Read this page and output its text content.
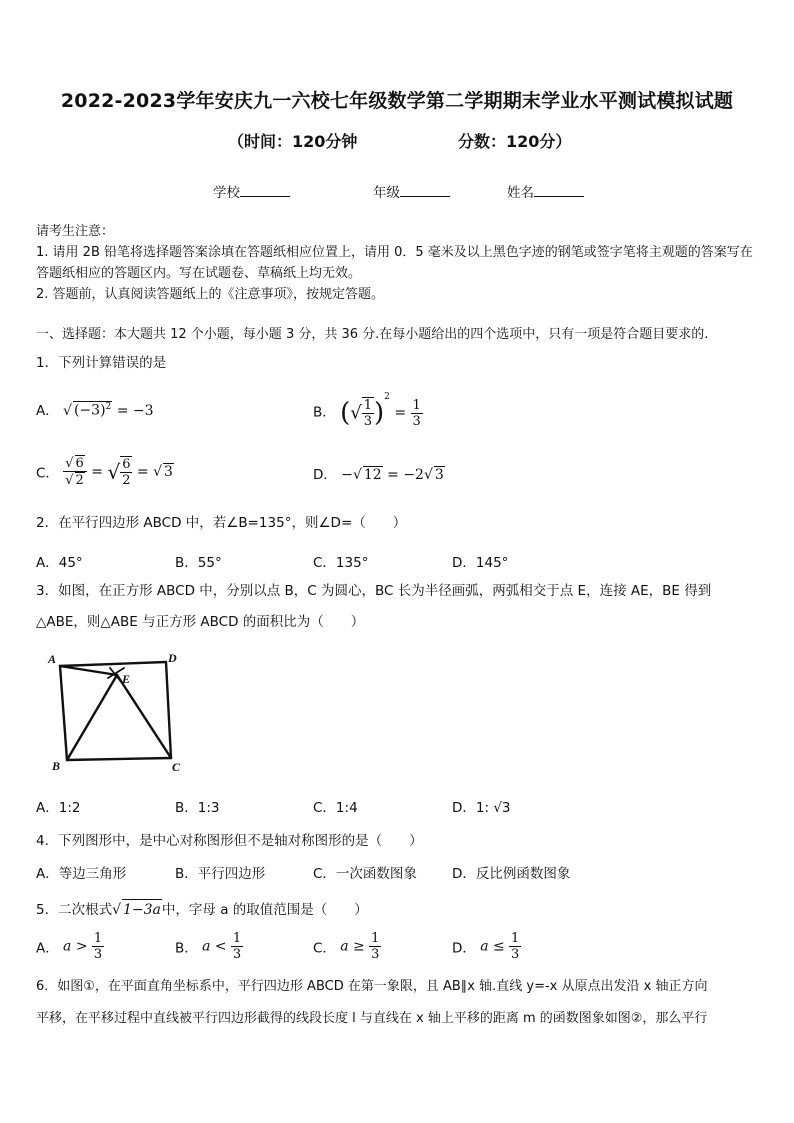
2022-2023学年安庆九一六校七年级数学第二学期期末学业水平测试模拟试题
（时间：120分钟	分数：120分）
学校	年级	姓名
请考生注意：
1. 请用 2B 铅笔将选择题答案涂填在答题纸相应位置上，请用 0．5 毫米及以上黑色字迹的钢笔或签字笔将主观题的答案写在答题纸相应的答题区内。写在试题卷、草稿纸上均无效。
2. 答题前，认真阅读答题纸上的《注意事项》，按规定答题。
一、选择题：本大题共 12 个小题，每小题 3 分，共 36 分.在每小题给出的四个选项中，只有一项是符合题目要求的.
1．下列计算错误的是
A． √ $(-3)^2 = -3$	B． (√ $\frac{1}{3} )^2 = \frac{1}{3}$
C． $\frac{√ 6}{√ 2}$ = √ $\frac{6}{2}$ = √ 3	D． −√ 12 = −2√ 3
2．在平行四边形 ABCD 中，若∠B=135°，则∠D=（　　）
A．45°	B．55°	C．135°	D．145°
3．如图，在正方形 ABCD 中，分别以点 B，C 为圆心，BC 长为半径画弧，两弧相交于点 E，连接 AE，BE 得到
△ABE，则△ABE 与正方形 ABCD 的面积比为（　　）
A	D
E
B	C
A．1:2	B．1:3	C．1:4	D．1: √3
4．下列图形中，是中心对称图形但不是轴对称图形的是（　　）
A．等边三角形	B．平行四边形	C．一次函数图象	D．反比例函数图象
5．二次根式√ 1−3a中，字母 a 的取值范围是（　　）
A． $a > \frac{1}{3}$	B． $a < \frac{1}{3}$	C． $a \ge \frac{1}{3}$	D． $a \le \frac{1}{3}$
6．如图①，在平面直角坐标系中，平行四边形 ABCD 在第一象限，且 AB∥x 轴.直线 y=-x 从原点出发沿 x 轴正方向
平移，在平移过程中直线被平行四边形截得的线段长度 l 与直线在 x 轴上平移的距离 m 的函数图象如图②，那么平行
